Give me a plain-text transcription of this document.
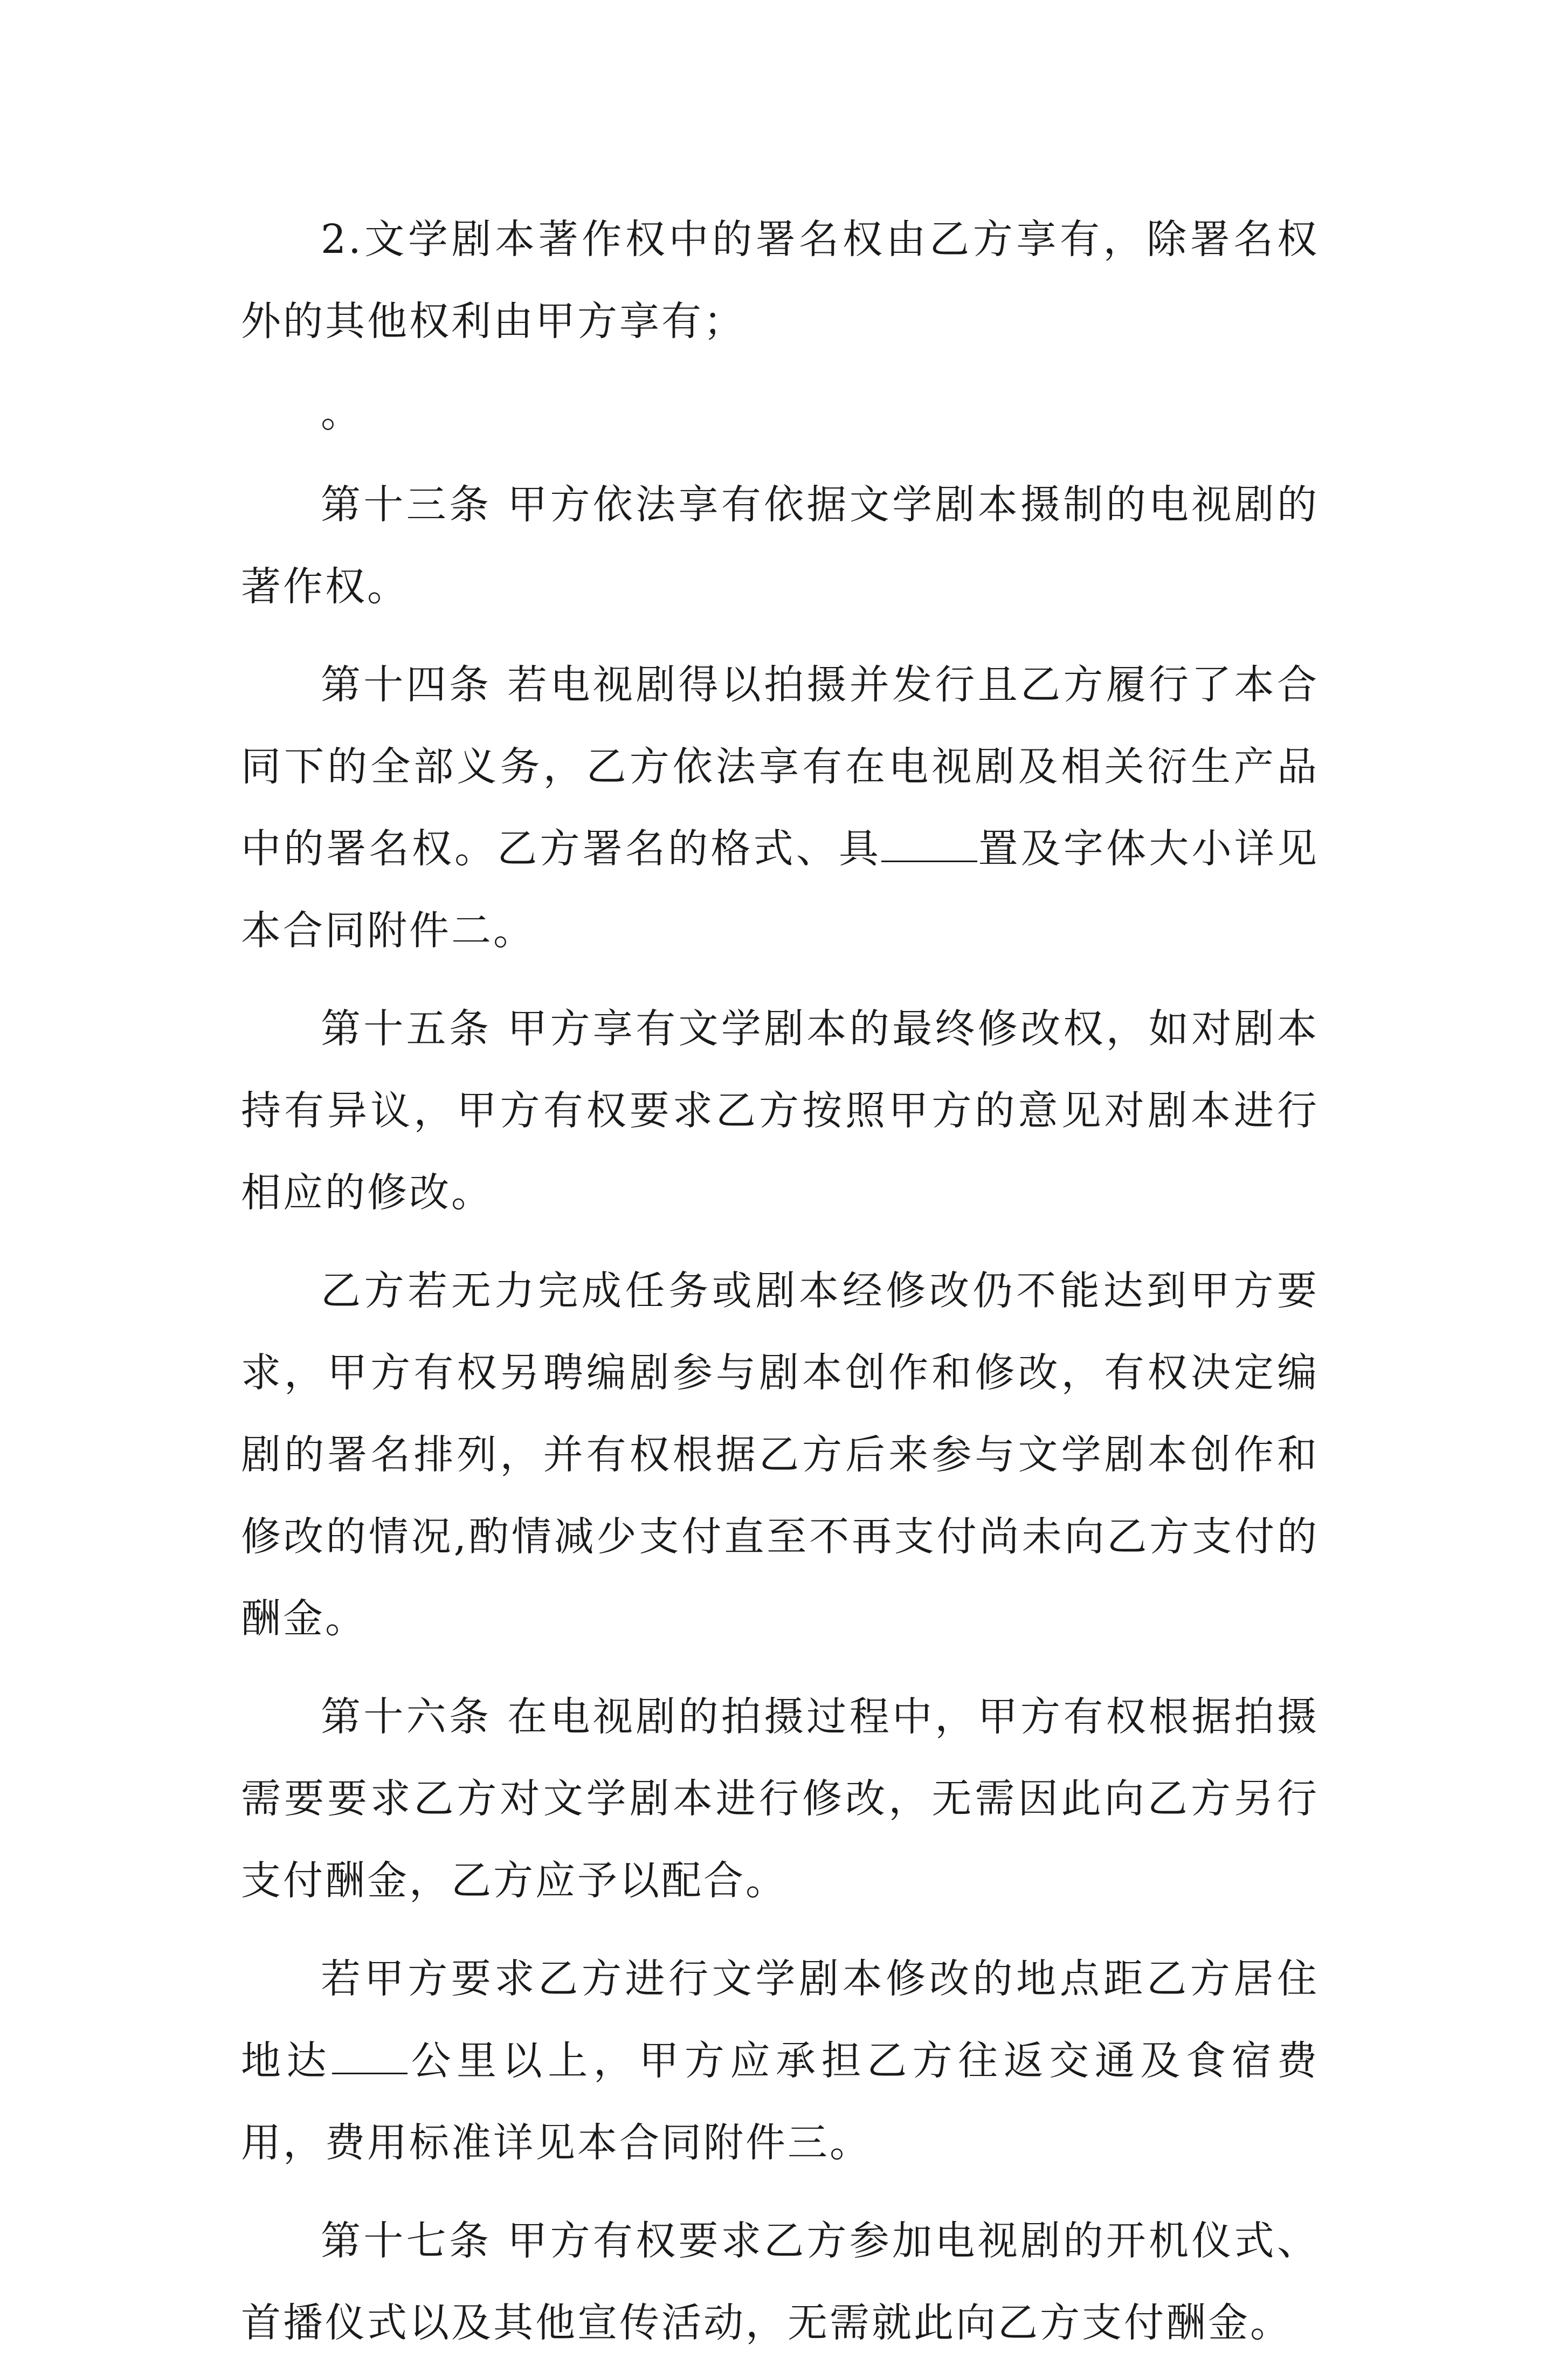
2.文学剧本著作权中的署名权由乙方享有，除署名权外的其他权利由甲方享有；

。

第十三条 甲方依法享有依据文学剧本摄制的电视剧的著作权。

第十四条 若电视剧得以拍摄并发行且乙方履行了本合同下的全部义务，乙方依法享有在电视剧及相关衍生产品中的署名权。乙方署名的格式、具 置及字体大小详见本合同附件二。

第十五条 甲方享有文学剧本的最终修改权，如对剧本持有异议，甲方有权要求乙方按照甲方的意见对剧本进行相应的修改。

乙方若无力完成任务或剧本经修改仍不能达到甲方要求，甲方有权另聘编剧参与剧本创作和修改，有权决定编剧的署名排列，并有权根据乙方后来参与文学剧本创作和修改的情况,酌情减少支付直至不再支付尚未向乙方支付的酬金。

第十六条 在电视剧的拍摄过程中，甲方有权根据拍摄需要要求乙方对文学剧本进行修改，无需因此向乙方另行支付酬金，乙方应予以配合。

若甲方要求乙方进行文学剧本修改的地点距乙方居住地达 公里以上，甲方应承担乙方往返交通及食宿费用，费用标准详见本合同附件三。

第十七条 甲方有权要求乙方参加电视剧的开机仪式、首播仪式以及其他宣传活动，无需就此向乙方支付酬金。
